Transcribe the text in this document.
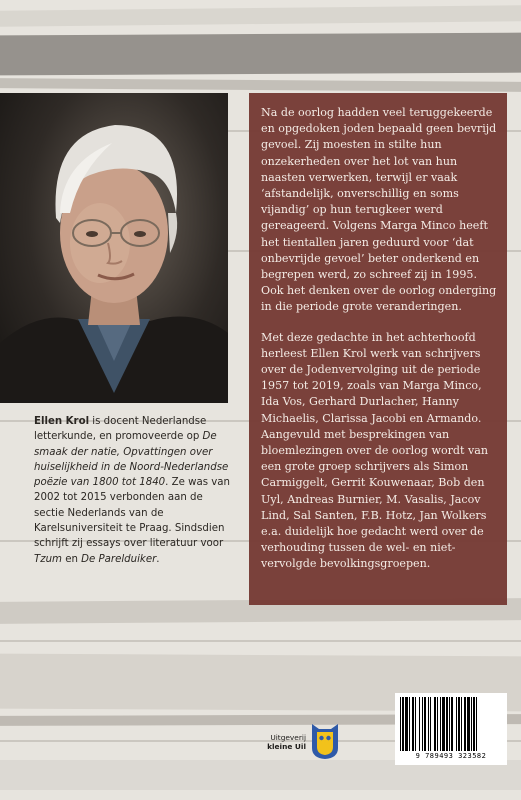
Ellen Krol is docent Nederlandse letterkunde, en promoveerde op De smaak der natie, Opvattingen over huiselijkheid in de Noord-Nederlandse poëzie van 1800 tot 1840. Ze was van 2002 tot 2015 verbonden aan de sectie Nederlands van de Karelsuniversiteit te Praag. Sindsdien schrijft zij essays over literatuur voor Tzum en De Parelduiker.

Na de oorlog hadden veel teruggekeerde en opgedoken joden bepaald geen bevrijd gevoel. Zij moesten in stilte hun onzekerheden over het lot van hun naasten verwerken, terwijl er vaak ‘afstandelijk, onverschillig en soms vijandig’ op hun terugkeer werd gereageerd. Volgens Marga Minco heeft het tientallen jaren geduurd voor ‘dat onbevrijde gevoel’ beter onderkend en begrepen werd, zo schreef zij in 1995. Ook het denken over de oorlog onderging in die periode grote veranderingen.

Met deze gedachte in het achterhoofd herleest Ellen Krol werk van schrijvers over de Jodenvervolging uit de periode 1957 tot 2019, zoals van Marga Minco, Ida Vos, Gerhard Durlacher, Hanny Michaelis, Clarissa Jacobi en Armando. Aangevuld met besprekingen van bloemlezingen over de oorlog wordt van een grote groep schrijvers als Simon Carmiggelt, Gerrit Kouwenaar, Bob den Uyl, Andreas Burnier, M. Vasalis, Jacov Lind, Sal Santen, F.B. Hotz, Jan Wolkers e.a. duidelijk hoe gedacht werd over de verhouding tussen de wel- en niet-vervolgde bevolkingsgroepen.

Uitgeverij
kleine Uil
9 789493 323582
